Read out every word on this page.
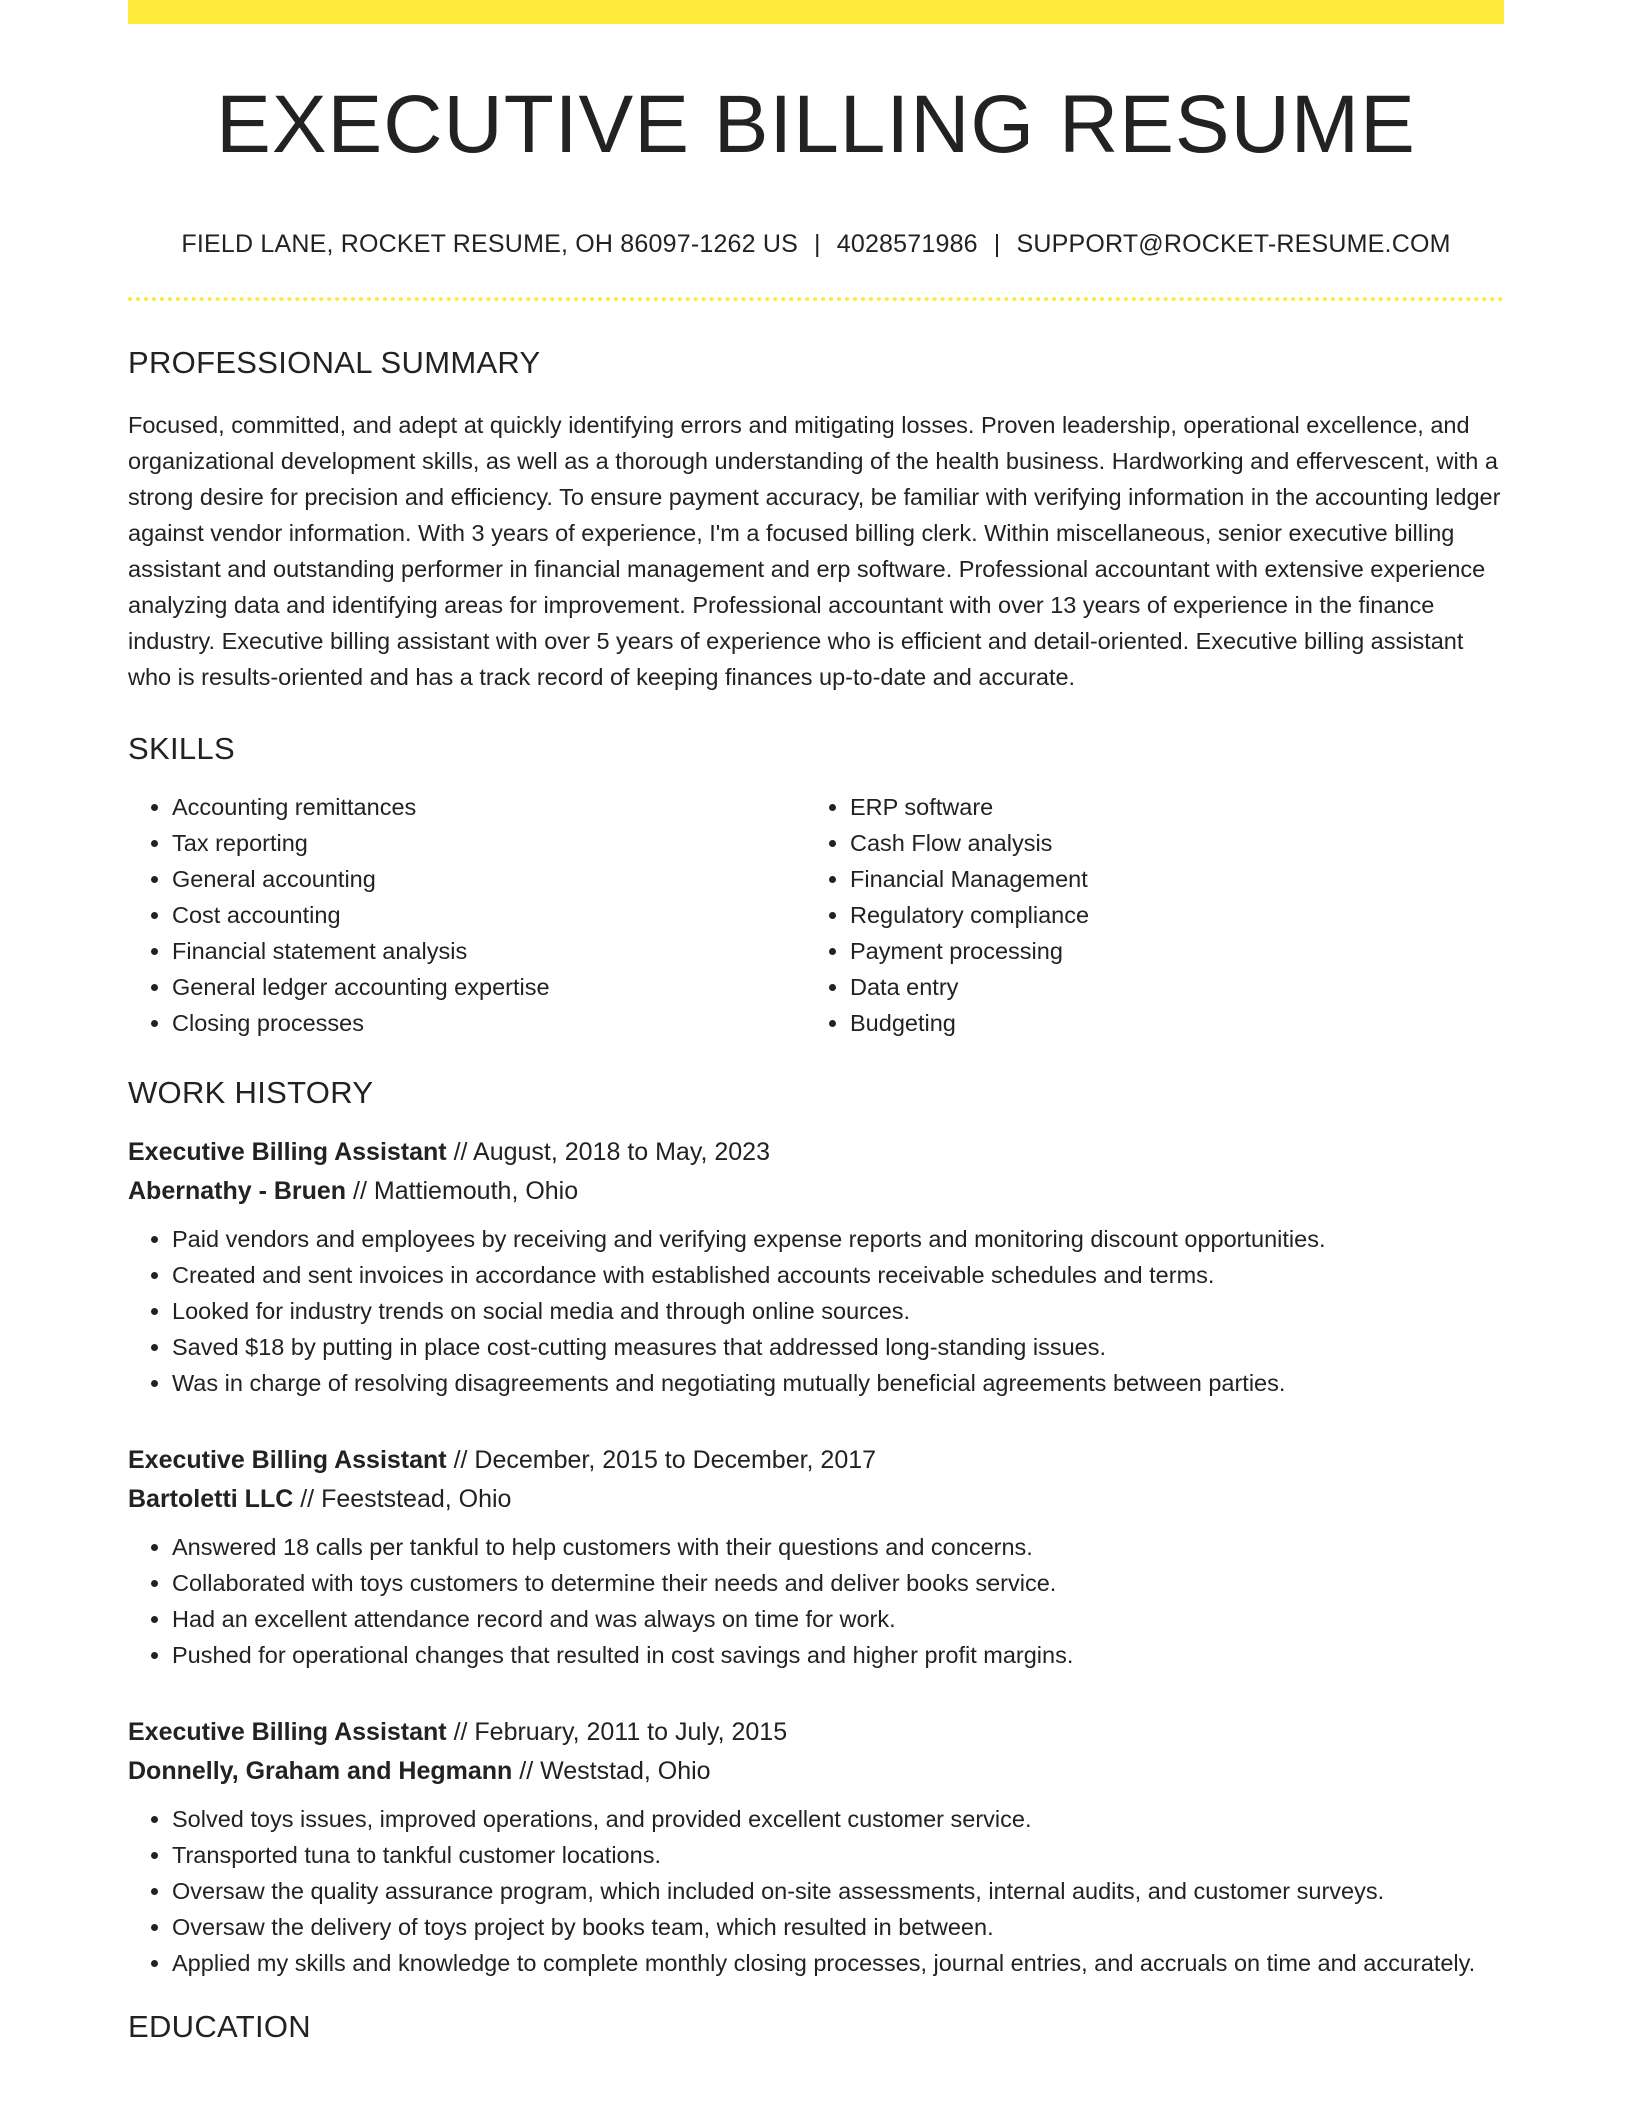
EXECUTIVE BILLING RESUME
FIELD LANE, ROCKET RESUME, OH 86097-1262 US | 4028571986 | SUPPORT@ROCKET-RESUME.COM
PROFESSIONAL SUMMARY

Focused, committed, and adept at quickly identifying errors and mitigating losses. Proven leadership, operational excellence, and organizational development skills, as well as a thorough understanding of the health business. Hardworking and effervescent, with a strong desire for precision and efficiency. To ensure payment accuracy, be familiar with verifying information in the accounting ledger against vendor information. With 3 years of experience, I'm a focused billing clerk. Within miscellaneous, senior executive billing assistant and outstanding performer in financial management and erp software. Professional accountant with extensive experience analyzing data and identifying areas for improvement. Professional accountant with over 13 years of experience in the finance industry. Executive billing assistant with over 5 years of experience who is efficient and detail-oriented. Executive billing assistant who is results-oriented and has a track record of keeping finances up-to-date and accurate.

SKILLS
• Accounting remittances
• Tax reporting
• General accounting
• Cost accounting
• Financial statement analysis
• General ledger accounting expertise
• Closing processes
• ERP software
• Cash Flow analysis
• Financial Management
• Regulatory compliance
• Payment processing
• Data entry
• Budgeting
WORK HISTORY
Executive Billing Assistant // August, 2018 to May, 2023
Abernathy - Bruen // Mattiemouth, Ohio
• Paid vendors and employees by receiving and verifying expense reports and monitoring discount opportunities.
• Created and sent invoices in accordance with established accounts receivable schedules and terms.
• Looked for industry trends on social media and through online sources.
• Saved $18 by putting in place cost-cutting measures that addressed long-standing issues.
• Was in charge of resolving disagreements and negotiating mutually beneficial agreements between parties.
Executive Billing Assistant // December, 2015 to December, 2017
Bartoletti LLC // Feeststead, Ohio
• Answered 18 calls per tankful to help customers with their questions and concerns.
• Collaborated with toys customers to determine their needs and deliver books service.
• Had an excellent attendance record and was always on time for work.
• Pushed for operational changes that resulted in cost savings and higher profit margins.
Executive Billing Assistant // February, 2011 to July, 2015
Donnelly, Graham and Hegmann // Weststad, Ohio
• Solved toys issues, improved operations, and provided excellent customer service.
• Transported tuna to tankful customer locations.
• Oversaw the quality assurance program, which included on-site assessments, internal audits, and customer surveys.
• Oversaw the delivery of toys project by books team, which resulted in between.
• Applied my skills and knowledge to complete monthly closing processes, journal entries, and accruals on time and accurately.
EDUCATION
